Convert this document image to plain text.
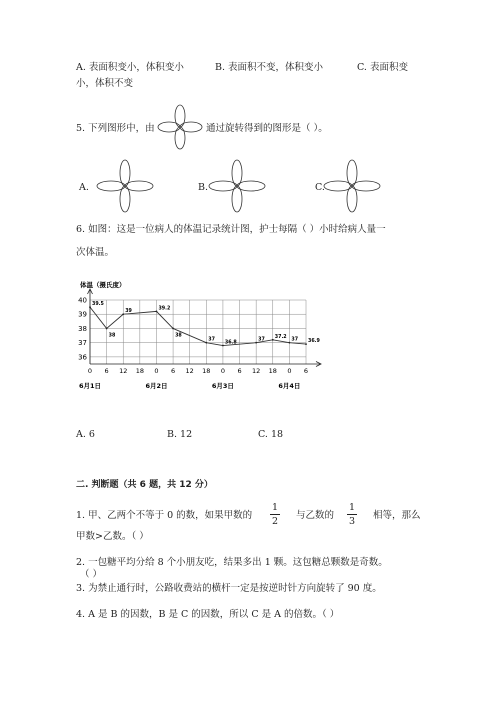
A. 表面积变小，体积变小	B. 表面积不变，体积变小	C. 表面积变
小，体积不变
5. 下列图形中，由	通过旋转得到的图形是（ ）。
A.	B.	C.
6. 如图：这是一位病人的体温记录统计图，护士每隔（ ）小时给病人量一
次体温。
体温（摄氏度）
40
39
38
37
36
0 6 12 18 0 6 12 18 0 6 12 18 0 6
6月1日	6月2日	6月3日	6月4日
39.5
38
39
39.2
38
37
36.8
37
37.2
37 36.9
A. 6	B. 12	C. 18
二. 判断题（共 6 题，共 12 分）
1. 甲、乙两个不等于 0 的数，如果甲数的
1
2
与乙数的
1
3
相等，那么
甲数>乙数。（ ）
2. 一包糖平均分给 8 个小朋友吃，结果多出 1 颗。这包糖总颗数是奇数。
（ ）
3. 为禁止通行时，公路收费站的横杆一定是按逆时针方向旋转了 90 度。
4. A 是 B 的因数，B 是 C 的因数，所以 C 是 A 的倍数。（ ）
